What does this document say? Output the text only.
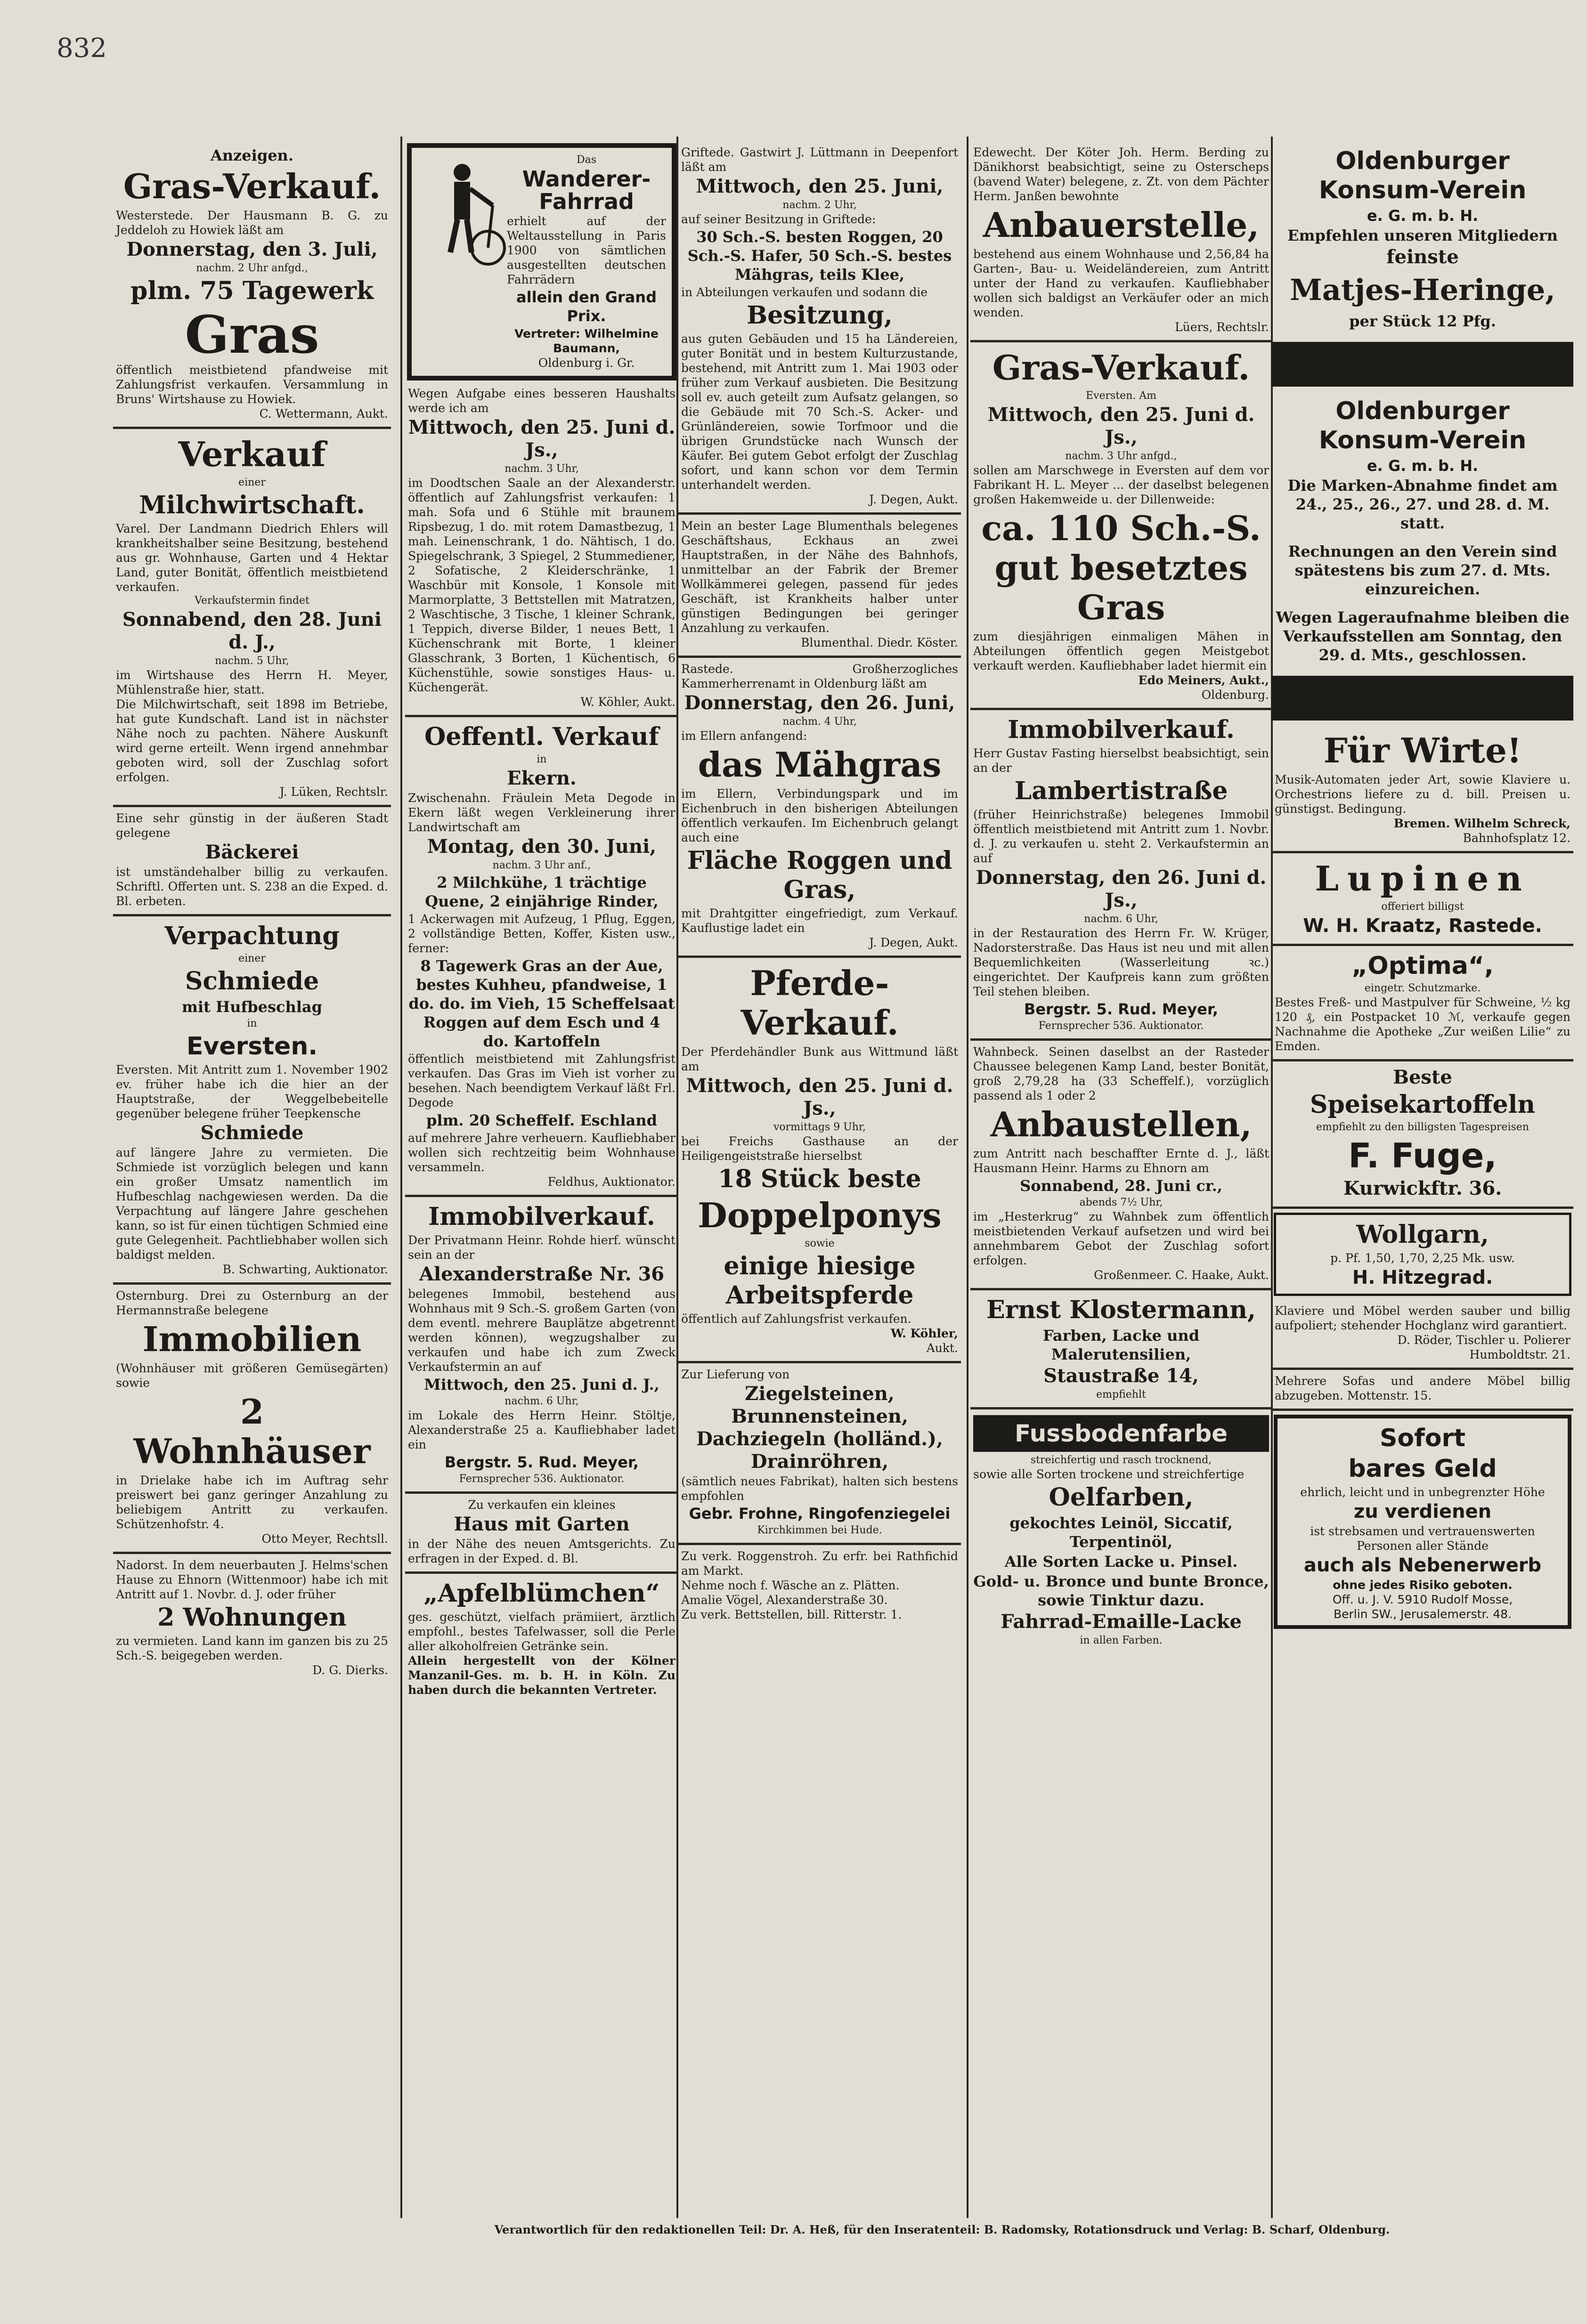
832
Anzeigen.
Gras-Verkauf.

Westerstede. Der Hausmann B. G. zu Jeddeloh zu Howiek läßt am

Donnerstag, den 3. Juli,
nachm. 2 Uhr anfgd.,
plm. 75 Tagewerk
Gras

öffentlich meistbietend pfandweise mit Zahlungsfrist verkaufen. Versammlung in Bruns' Wirtshause zu Howiek.

C. Wettermann, Aukt.
Verkauf
einer
Milchwirtschaft.

Varel. Der Landmann Diedrich Ehlers will krankheitshalber seine Besitzung, bestehend aus gr. Wohnhause, Garten und 4 Hektar Land, guter Bonität, öffentlich meistbietend verkaufen.

Verkaufstermin findet
Sonnabend, den 28. Juni d. J.,
nachm. 5 Uhr,

im Wirtshause des Herrn H. Meyer, Mühlenstraße hier, statt.

Die Milchwirtschaft, seit 1898 im Betriebe, hat gute Kundschaft. Land ist in nächster Nähe noch zu pachten. Nähere Auskunft wird gerne erteilt. Wenn irgend annehmbar geboten wird, soll der Zuschlag sofort erfolgen.

J. Lüken, Rechtslr.

Eine sehr günstig in der äußeren Stadt gelegene

Bäckerei

ist umständehalber billig zu verkaufen. Schriftl. Offerten unt. S. 238 an die Exped. d. Bl. erbeten.

Verpachtung
einer
Schmiede
mit Hufbeschlag
in
Eversten.

Eversten. Mit Antritt zum 1. November 1902 ev. früher habe ich die hier an der Hauptstraße, der Weggelbebeitelle gegenüber belegene früher Teepkensche

Schmiede

auf längere Jahre zu vermieten. Die Schmiede ist vorzüglich belegen und kann ein großer Umsatz namentlich im Hufbeschlag nachgewiesen werden. Da die Verpachtung auf längere Jahre geschehen kann, so ist für einen tüchtigen Schmied eine gute Gelegenheit. Pachtliebhaber wollen sich baldigst melden.

B. Schwarting, Auktionator.

Osternburg. Drei zu Osternburg an der Hermannstraße belegene

Immobilien

(Wohnhäuser mit größeren Gemüsegärten) sowie

2 Wohnhäuser

in Drielake habe ich im Auftrag sehr preiswert bei ganz geringer Anzahlung zu beliebigem Antritt zu verkaufen. Schützenhofstr. 4.

Otto Meyer, Rechtsll.

Nadorst. In dem neuerbauten J. Helms'schen Hause zu Ehnorn (Wittenmoor) habe ich mit Antritt auf 1. Novbr. d. J. oder früher

2 Wohnungen

zu vermieten. Land kann im ganzen bis zu 25 Sch.-S. beigegeben werden.

D. G. Dierks.
Das
Wanderer-Fahrrad

erhielt auf der Weltausstellung in Paris 1900 von sämtlichen ausgestellten deutschen Fahrrädern

allein den Grand Prix.
Vertreter: Wilhelmine Baumann,
Oldenburg i. Gr.

Wegen Aufgabe eines besseren Haushalts werde ich am

Mittwoch, den 25. Juni d. Js.,
nachm. 3 Uhr,

im Doodtschen Saale an der Alexanderstr. öffentlich auf Zahlungsfrist verkaufen: 1 mah. Sofa und 6 Stühle mit braunem Ripsbezug, 1 do. mit rotem Damastbezug, 1 mah. Leinenschrank, 1 do. Nähtisch, 1 do. Spiegelschrank, 3 Spiegel, 2 Stummediener, 2 Sofatische, 2 Kleiderschränke, 1 Waschbür mit Konsole, 1 Konsole mit Marmorplatte, 3 Bettstellen mit Matratzen, 2 Waschtische, 3 Tische, 1 kleiner Schrank, 1 Teppich, diverse Bilder, 1 neues Bett, 1 Küchenschrank mit Borte, 1 kleiner Glasschrank, 3 Borten, 1 Küchentisch, 6 Küchenstühle, sowie sonstiges Haus- u. Küchengerät.

W. Köhler, Aukt.
Oeffentl. Verkauf
in
Ekern.

Zwischenahn. Fräulein Meta Degode in Ekern läßt wegen Verkleinerung ihrer Landwirtschaft am

Montag, den 30. Juni,
nachm. 3 Uhr anf.,
2 Milchkühe, 1 trächtige Quene, 2 einjährige Rinder,

1 Ackerwagen mit Aufzeug, 1 Pflug, Eggen, 2 vollständige Betten, Koffer, Kisten usw., ferner:

8 Tagewerk Gras an der Aue, bestes Kuhheu, pfandweise, 1 do. do. im Vieh, 15 Scheffelsaat Roggen auf dem Esch und 4 do. Kartoffeln

öffentlich meistbietend mit Zahlungsfrist verkaufen. Das Gras im Vieh ist vorher zu besehen. Nach beendigtem Verkauf läßt Frl. Degode

plm. 20 Scheffelf. Eschland

auf mehrere Jahre verheuern. Kaufliebhaber wollen sich rechtzeitig beim Wohnhause versammeln.

Feldhus, Auktionator.
Immobilverkauf.

Der Privatmann Heinr. Rohde hierf. wünscht sein an der

Alexanderstraße Nr. 36

belegenes Immobil, bestehend aus Wohnhaus mit 9 Sch.-S. großem Garten (von dem eventl. mehrere Bauplätze abgetrennt werden können), wegzugshalber zu verkaufen und habe ich zum Zweck Verkaufstermin an auf

Mittwoch, den 25. Juni d. J.,
nachm. 6 Uhr,

im Lokale des Herrn Heinr. Stöltje, Alexanderstraße 25 a. Kaufliebhaber ladet ein

Bergstr. 5. Rud. Meyer,
Fernsprecher 536. Auktionator.

Zu verkaufen ein kleines

Haus mit Garten

in der Nähe des neuen Amtsgerichts. Zu erfragen in der Exped. d. Bl.

„Apfelblümchen“

ges. geschützt, vielfach prämiiert, ärztlich empfohl., bestes Tafelwasser, soll die Perle aller alkoholfreien Getränke sein.

Allein hergestellt von der Kölner Manzanil-Ges. m. b. H. in Köln. Zu haben durch die bekannten Vertreter.

Griftede. Gastwirt J. Lüttmann in Deepenfort läßt am

Mittwoch, den 25. Juni,
nachm. 2 Uhr,

auf seiner Besitzung in Griftede:

30 Sch.-S. besten Roggen, 20 Sch.-S. Hafer, 50 Sch.-S. bestes Mähgras, teils Klee,

in Abteilungen verkaufen und sodann die

Besitzung,

aus guten Gebäuden und 15 ha Ländereien, guter Bonität und in bestem Kulturzustande, bestehend, mit Antritt zum 1. Mai 1903 oder früher zum Verkauf ausbieten. Die Besitzung soll ev. auch geteilt zum Aufsatz gelangen, so die Gebäude mit 70 Sch.-S. Acker- und Grünländereien, sowie Torfmoor und die übrigen Grundstücke nach Wunsch der Käufer. Bei gutem Gebot erfolgt der Zuschlag sofort, und kann schon vor dem Termin unterhandelt werden.

J. Degen, Aukt.

Mein an bester Lage Blumenthals belegenes Geschäftshaus, Eckhaus an zwei Hauptstraßen, in der Nähe des Bahnhofs, unmittelbar an der Fabrik der Bremer Wollkämmerei gelegen, passend für jedes Geschäft, ist Krankheits halber unter günstigen Bedingungen bei geringer Anzahlung zu verkaufen.

Blumenthal. Diedr. Köster.

Rastede. Großherzogliches Kammerherrenamt in Oldenburg läßt am

Donnerstag, den 26. Juni,
nachm. 4 Uhr,

im Ellern anfangend:

das Mähgras

im Ellern, Verbindungspark und im Eichenbruch in den bisherigen Abteilungen öffentlich verkaufen. Im Eichenbruch gelangt auch eine

Fläche Roggen und Gras,

mit Drahtgitter eingefriedigt, zum Verkauf. Kauflustige ladet ein

J. Degen, Aukt.
Pferde-Verkauf.

Der Pferdehändler Bunk aus Wittmund läßt am

Mittwoch, den 25. Juni d. Js.,
vormittags 9 Uhr,

bei Freichs Gasthause an der Heiligengeiststraße hierselbst

18 Stück beste
Doppelponys
sowie
einige hiesige Arbeitspferde

öffentlich auf Zahlungsfrist verkaufen.

W. Köhler,
Aukt.

Zur Lieferung von

Ziegelsteinen, Brunnensteinen, Dachziegeln (holländ.), Drainröhren,

(sämtlich neues Fabrikat), halten sich bestens empfohlen

Gebr. Frohne, Ringofenziegelei
Kirchkimmen bei Hude.

Zu verk. Roggenstroh. Zu erfr. bei Rathfichid am Markt.

Nehme noch f. Wäsche an z. Plätten.

Amalie Vögel, Alexanderstraße 30.

Zu verk. Bettstellen, bill. Ritterstr. 1.

Edewecht. Der Köter Joh. Herm. Berding zu Dänikhorst beabsichtigt, seine zu Osterscheps (bavend Water) belegene, z. Zt. von dem Pächter Herm. Janßen bewohnte

Anbauerstelle,

bestehend aus einem Wohnhause und 2,56,84 ha Garten-, Bau- u. Weideländereien, zum Antritt unter der Hand zu verkaufen. Kaufliebhaber wollen sich baldigst an Verkäufer oder an mich wenden.

Lüers, Rechtslr.
Gras-Verkauf.
Eversten. Am
Mittwoch, den 25. Juni d. Js.,
nachm. 3 Uhr anfgd.,

sollen am Marschwege in Eversten auf dem vor Fabrikant H. L. Meyer ... der daselbst belegenen großen Hakemweide u. der Dillenweide:

ca. 110 Sch.-S. gut besetztes Gras

zum diesjährigen einmaligen Mähen in Abteilungen öffentlich gegen Meistgebot verkauft werden. Kaufliebhaber ladet hiermit ein

Edo Meiners, Aukt.,
Oldenburg.
Immobilverkauf.

Herr Gustav Fasting hierselbst beabsichtigt, sein an der

Lambertistraße

(früher Heinrichstraße) belegenes Immobil öffentlich meistbietend mit Antritt zum 1. Novbr. d. J. zu verkaufen u. steht 2. Verkaufstermin an auf

Donnerstag, den 26. Juni d. Js.,
nachm. 6 Uhr,

in der Restauration des Herrn Fr. W. Krüger, Nadorsterstraße. Das Haus ist neu und mit allen Bequemlichkeiten (Wasserleitung ꝛc.) eingerichtet. Der Kaufpreis kann zum größten Teil stehen bleiben.

Bergstr. 5. Rud. Meyer,
Fernsprecher 536. Auktionator.

Wahnbeck. Seinen daselbst an der Rasteder Chaussee belegenen Kamp Land, bester Bonität, groß 2,79,28 ha (33 Scheffelf.), vorzüglich passend als 1 oder 2

Anbaustellen,

zum Antritt nach beschaffter Ernte d. J., läßt Hausmann Heinr. Harms zu Ehnorn am

Sonnabend, 28. Juni cr.,
abends 7½ Uhr,

im „Hesterkrug“ zu Wahnbek zum öffentlich meistbietenden Verkauf aufsetzen und wird bei annehmbarem Gebot der Zuschlag sofort erfolgen.

Großenmeer. C. Haake, Aukt.
Ernst Klostermann,
Farben, Lacke und Malerutensilien,
Staustraße 14,
empfiehlt
Fussbodenfarbe
streichfertig und rasch trocknend,

sowie alle Sorten trockene und streichfertige

Oelfarben,
gekochtes Leinöl, Siccatif, Terpentinöl,
Alle Sorten Lacke u. Pinsel.
Gold- u. Bronce und bunte Bronce, sowie Tinktur dazu.
Fahrrad-Emaille-Lacke
in allen Farben.
Oldenburger Konsum-Verein
e. G. m. b. H.
Empfehlen unseren Mitgliedern
feinste
Matjes-Heringe,
per Stück 12 Pfg.
Oldenburger Konsum-Verein
e. G. m. b. H.
Die Marken-Abnahme findet am 24., 25., 26., 27. und 28. d. M. statt.
Rechnungen an den Verein sind spätestens bis zum 27. d. Mts. einzureichen.
Wegen Lageraufnahme bleiben die Verkaufsstellen am Sonntag, den 29. d. Mts., geschlossen.
Für Wirte!

Musik-Automaten jeder Art, sowie Klaviere u. Orchestrions liefere zu d. bill. Preisen u. günstigst. Bedingung.

Bremen. Wilhelm Schreck,
Bahnhofsplatz 12.
Lupinen
offeriert billigst
W. H. Kraatz, Rastede.
„Optima“,
eingetr. Schutzmarke.

Bestes Freß- und Mastpulver für Schweine, ½ kg 120 ₰, ein Postpacket 10 ℳ, verkaufe gegen Nachnahme die Apotheke „Zur weißen Lilie“ zu Emden.

Beste
Speisekartoffeln
empfiehlt zu den billigsten Tagespreisen
F. Fuge,
Kurwickftr. 36.
Wollgarn,
p. Pf. 1,50, 1,70, 2,25 Mk. usw.
H. Hitzegrad.

Klaviere und Möbel werden sauber und billig aufpoliert; stehender Hochglanz wird garantiert.

D. Röder, Tischler u. Polierer
Humboldtstr. 21.

Mehrere Sofas und andere Möbel billig abzugeben. Mottenstr. 15.

Sofort
bares Geld
ehrlich, leicht und in unbegrenzter Höhe
zu verdienen
ist strebsamen und vertrauenswerten Personen aller Stände
auch als Nebenerwerb
ohne jedes Risiko geboten.
Off. u. J. V. 5910 Rudolf Mosse,
Berlin SW., Jerusalemerstr. 48.
Verantwortlich für den redaktionellen Teil: Dr. A. Heß, für den Inseratenteil: B. Radomsky, Rotationsdruck und Verlag: B. Scharf, Oldenburg.
